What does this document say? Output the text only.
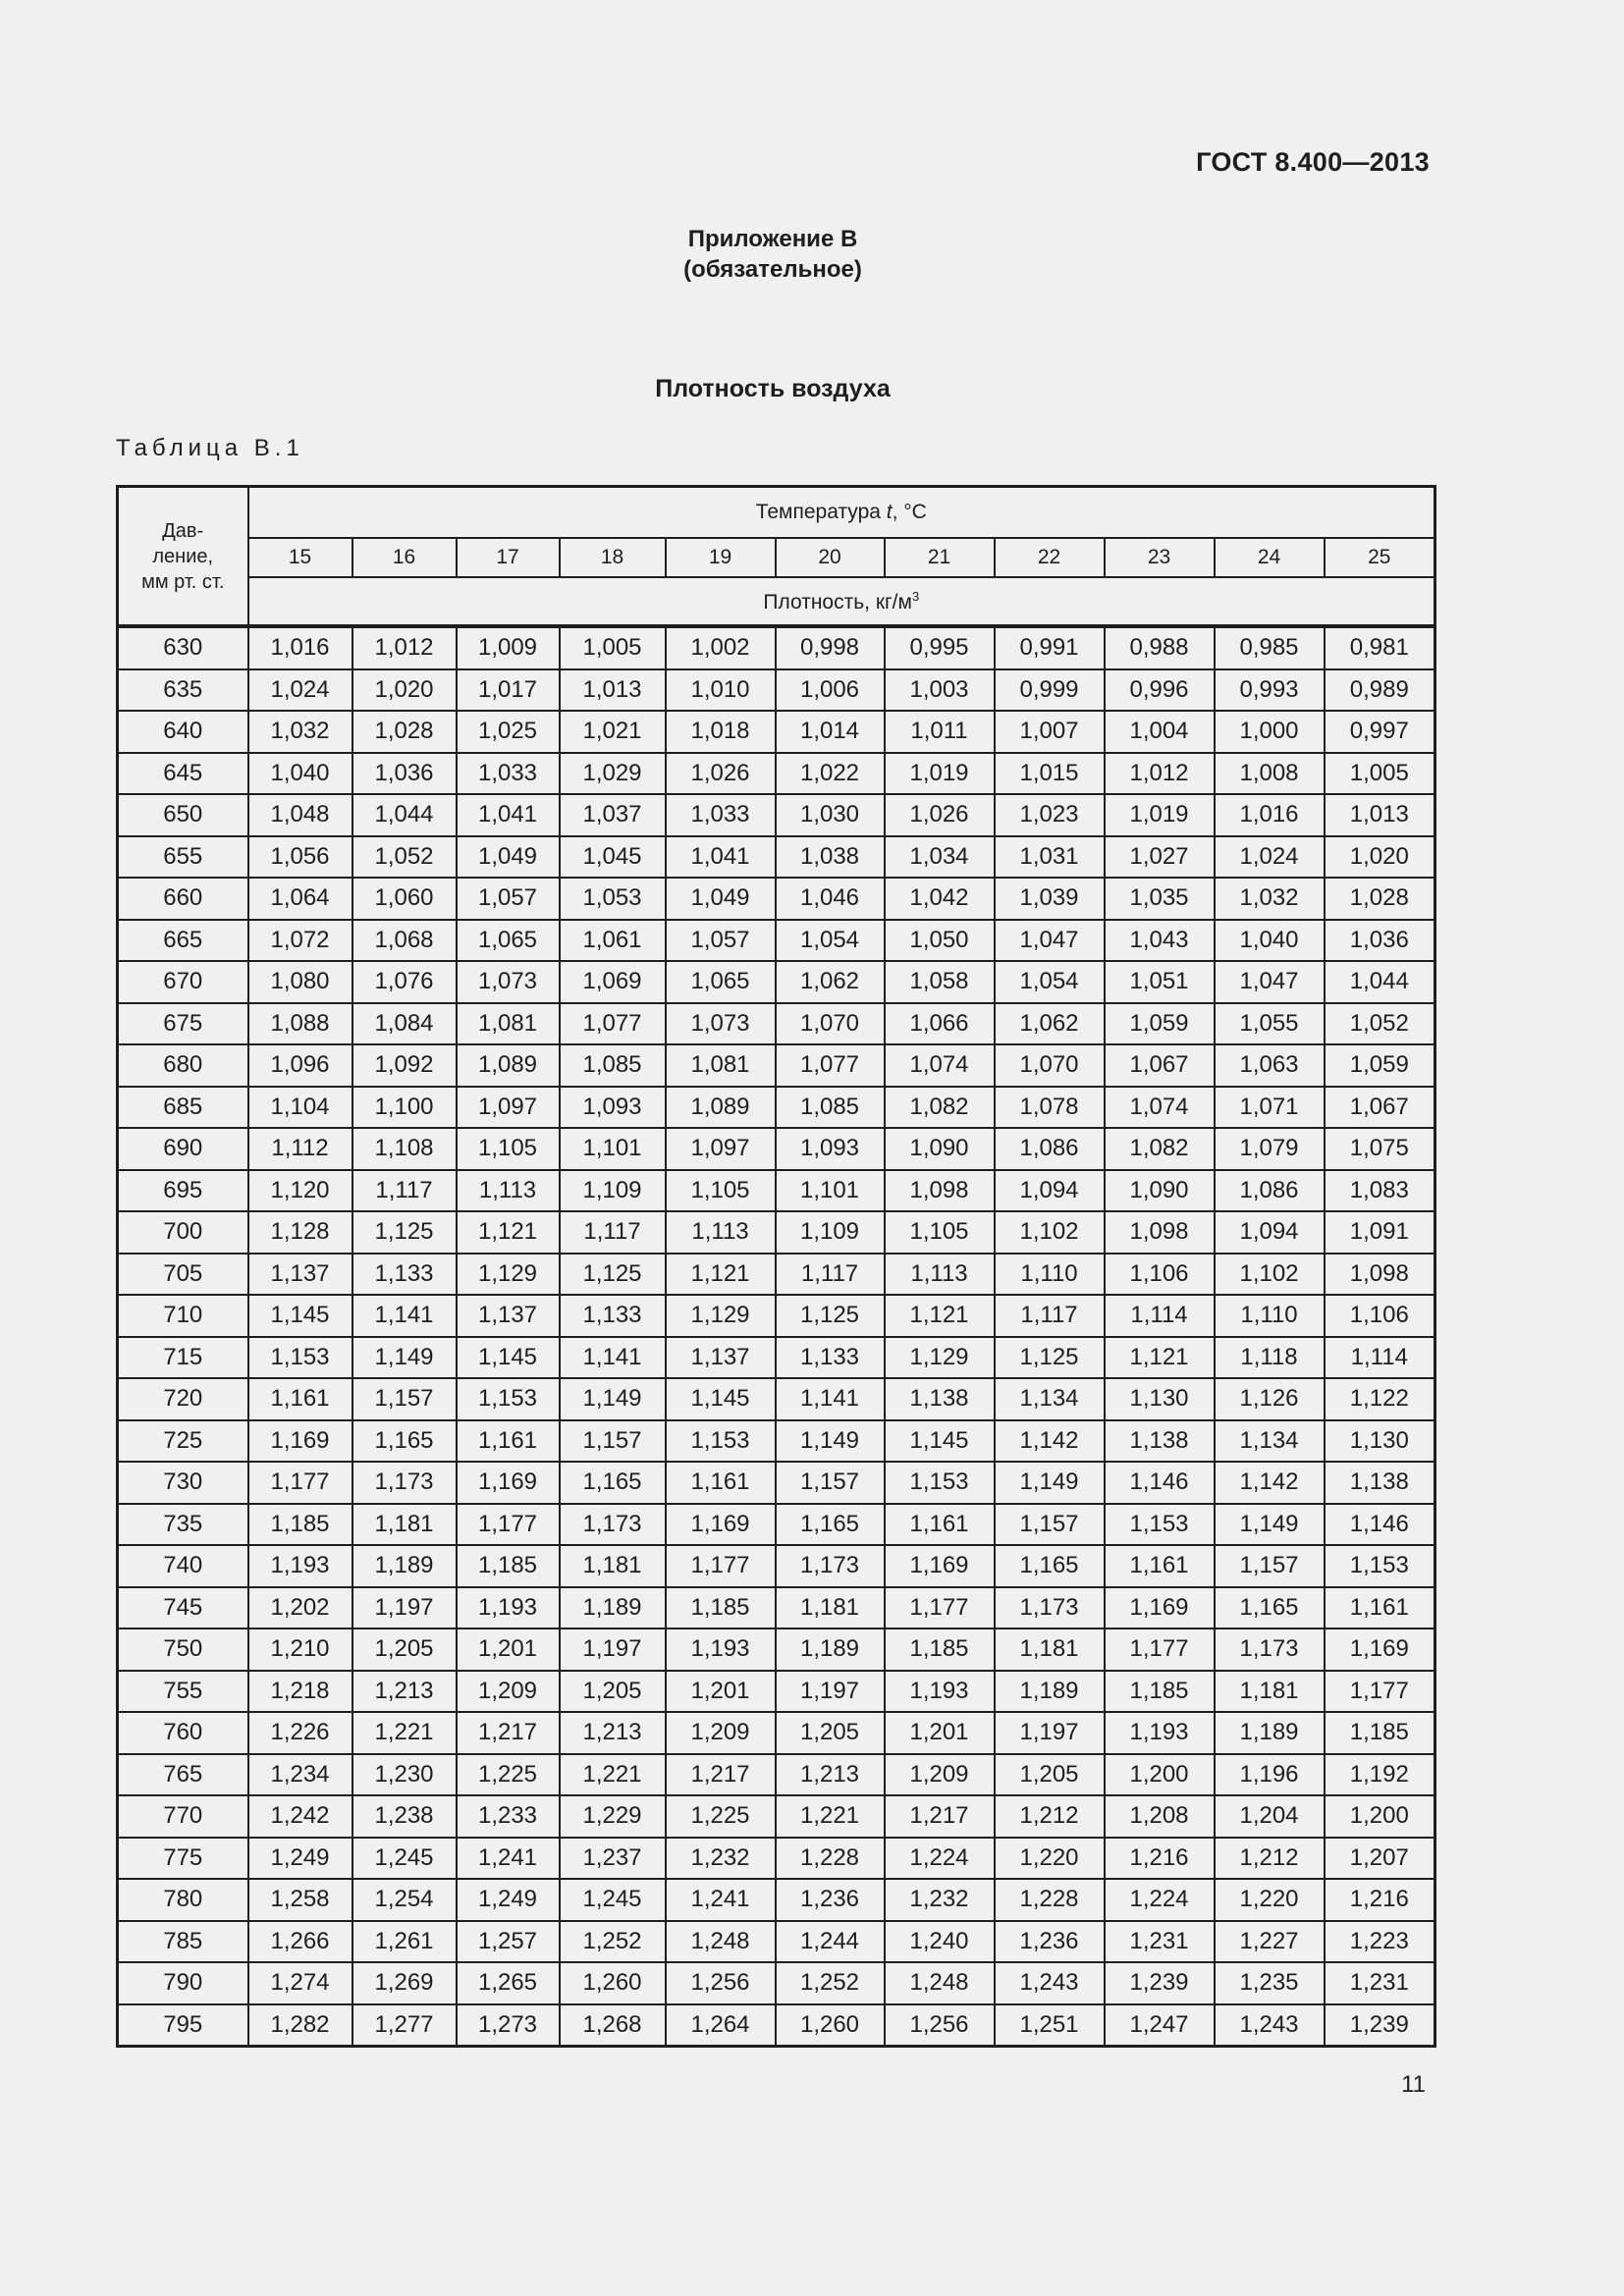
ГОСТ 8.400—2013
Приложение В
(обязательное)
Плотность воздуха
Таблица В.1
Дав-
ление,
мм рт. ст.	Температура t, °C										
	15	16	17	18	19	20	21	22	23	24	25
	Плотность, $кг/м^3$
630	1,016	1,012	1,009	1,005	1,002	0,998	0,995	0,991	0,988	0,985	0,981
635	1,024	1,020	1,017	1,013	1,010	1,006	1,003	0,999	0,996	0,993	0,989
640	1,032	1,028	1,025	1,021	1,018	1,014	1,011	1,007	1,004	1,000	0,997
645	1,040	1,036	1,033	1,029	1,026	1,022	1,019	1,015	1,012	1,008	1,005
650	1,048	1,044	1,041	1,037	1,033	1,030	1,026	1,023	1,019	1,016	1,013
655	1,056	1,052	1,049	1,045	1,041	1,038	1,034	1,031	1,027	1,024	1,020
660	1,064	1,060	1,057	1,053	1,049	1,046	1,042	1,039	1,035	1,032	1,028
665	1,072	1,068	1,065	1,061	1,057	1,054	1,050	1,047	1,043	1,040	1,036
670	1,080	1,076	1,073	1,069	1,065	1,062	1,058	1,054	1,051	1,047	1,044
675	1,088	1,084	1,081	1,077	1,073	1,070	1,066	1,062	1,059	1,055	1,052
680	1,096	1,092	1,089	1,085	1,081	1,077	1,074	1,070	1,067	1,063	1,059
685	1,104	1,100	1,097	1,093	1,089	1,085	1,082	1,078	1,074	1,071	1,067
690	1,112	1,108	1,105	1,101	1,097	1,093	1,090	1,086	1,082	1,079	1,075
695	1,120	1,117	1,113	1,109	1,105	1,101	1,098	1,094	1,090	1,086	1,083
700	1,128	1,125	1,121	1,117	1,113	1,109	1,105	1,102	1,098	1,094	1,091
705	1,137	1,133	1,129	1,125	1,121	1,117	1,113	1,110	1,106	1,102	1,098
710	1,145	1,141	1,137	1,133	1,129	1,125	1,121	1,117	1,114	1,110	1,106
715	1,153	1,149	1,145	1,141	1,137	1,133	1,129	1,125	1,121	1,118	1,114
720	1,161	1,157	1,153	1,149	1,145	1,141	1,138	1,134	1,130	1,126	1,122
725	1,169	1,165	1,161	1,157	1,153	1,149	1,145	1,142	1,138	1,134	1,130
730	1,177	1,173	1,169	1,165	1,161	1,157	1,153	1,149	1,146	1,142	1,138
735	1,185	1,181	1,177	1,173	1,169	1,165	1,161	1,157	1,153	1,149	1,146
740	1,193	1,189	1,185	1,181	1,177	1,173	1,169	1,165	1,161	1,157	1,153
745	1,202	1,197	1,193	1,189	1,185	1,181	1,177	1,173	1,169	1,165	1,161
750	1,210	1,205	1,201	1,197	1,193	1,189	1,185	1,181	1,177	1,173	1,169
755	1,218	1,213	1,209	1,205	1,201	1,197	1,193	1,189	1,185	1,181	1,177
760	1,226	1,221	1,217	1,213	1,209	1,205	1,201	1,197	1,193	1,189	1,185
765	1,234	1,230	1,225	1,221	1,217	1,213	1,209	1,205	1,200	1,196	1,192
770	1,242	1,238	1,233	1,229	1,225	1,221	1,217	1,212	1,208	1,204	1,200
775	1,249	1,245	1,241	1,237	1,232	1,228	1,224	1,220	1,216	1,212	1,207
780	1,258	1,254	1,249	1,245	1,241	1,236	1,232	1,228	1,224	1,220	1,216
785	1,266	1,261	1,257	1,252	1,248	1,244	1,240	1,236	1,231	1,227	1,223
790	1,274	1,269	1,265	1,260	1,256	1,252	1,248	1,243	1,239	1,235	1,231
795	1,282	1,277	1,273	1,268	1,264	1,260	1,256	1,251	1,247	1,243	1,239
11
